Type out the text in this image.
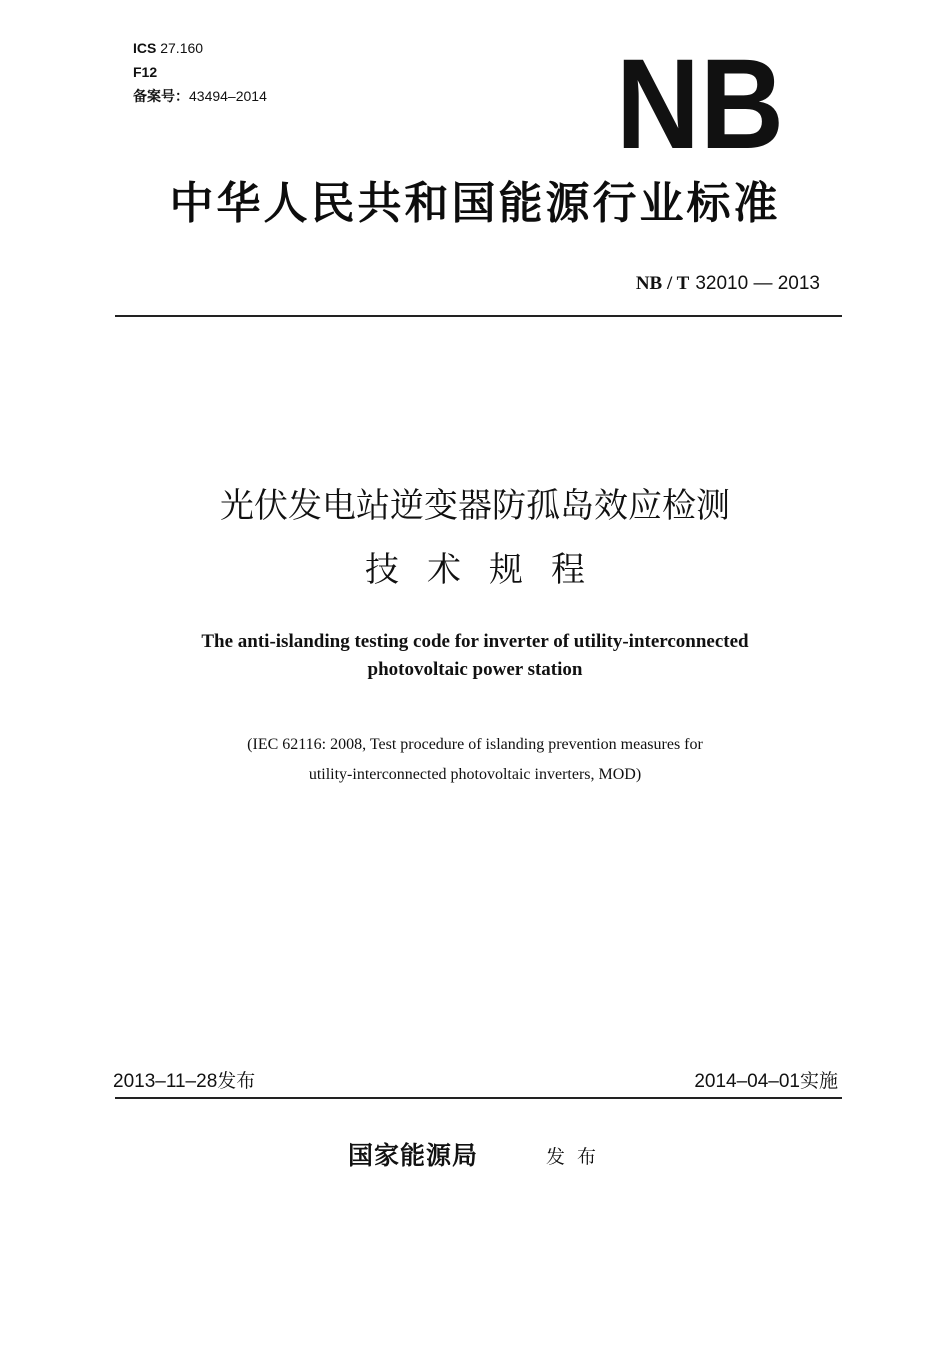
ICS 27.160
F12
备案号：43494–2014	NB
中华人民共和国能源行业标准
NB / T 32010 — 2013
光伏发电站逆变器防孤岛效应检测
技术规程
The anti-islanding testing code for inverter of utility-interconnected
photovoltaic power station
(IEC 62116: 2008, Test procedure of islanding prevention measures for
utility-interconnected photovoltaic inverters, MOD)
2013–11–28发布	2014–04–01实施
国家能源局	发布
